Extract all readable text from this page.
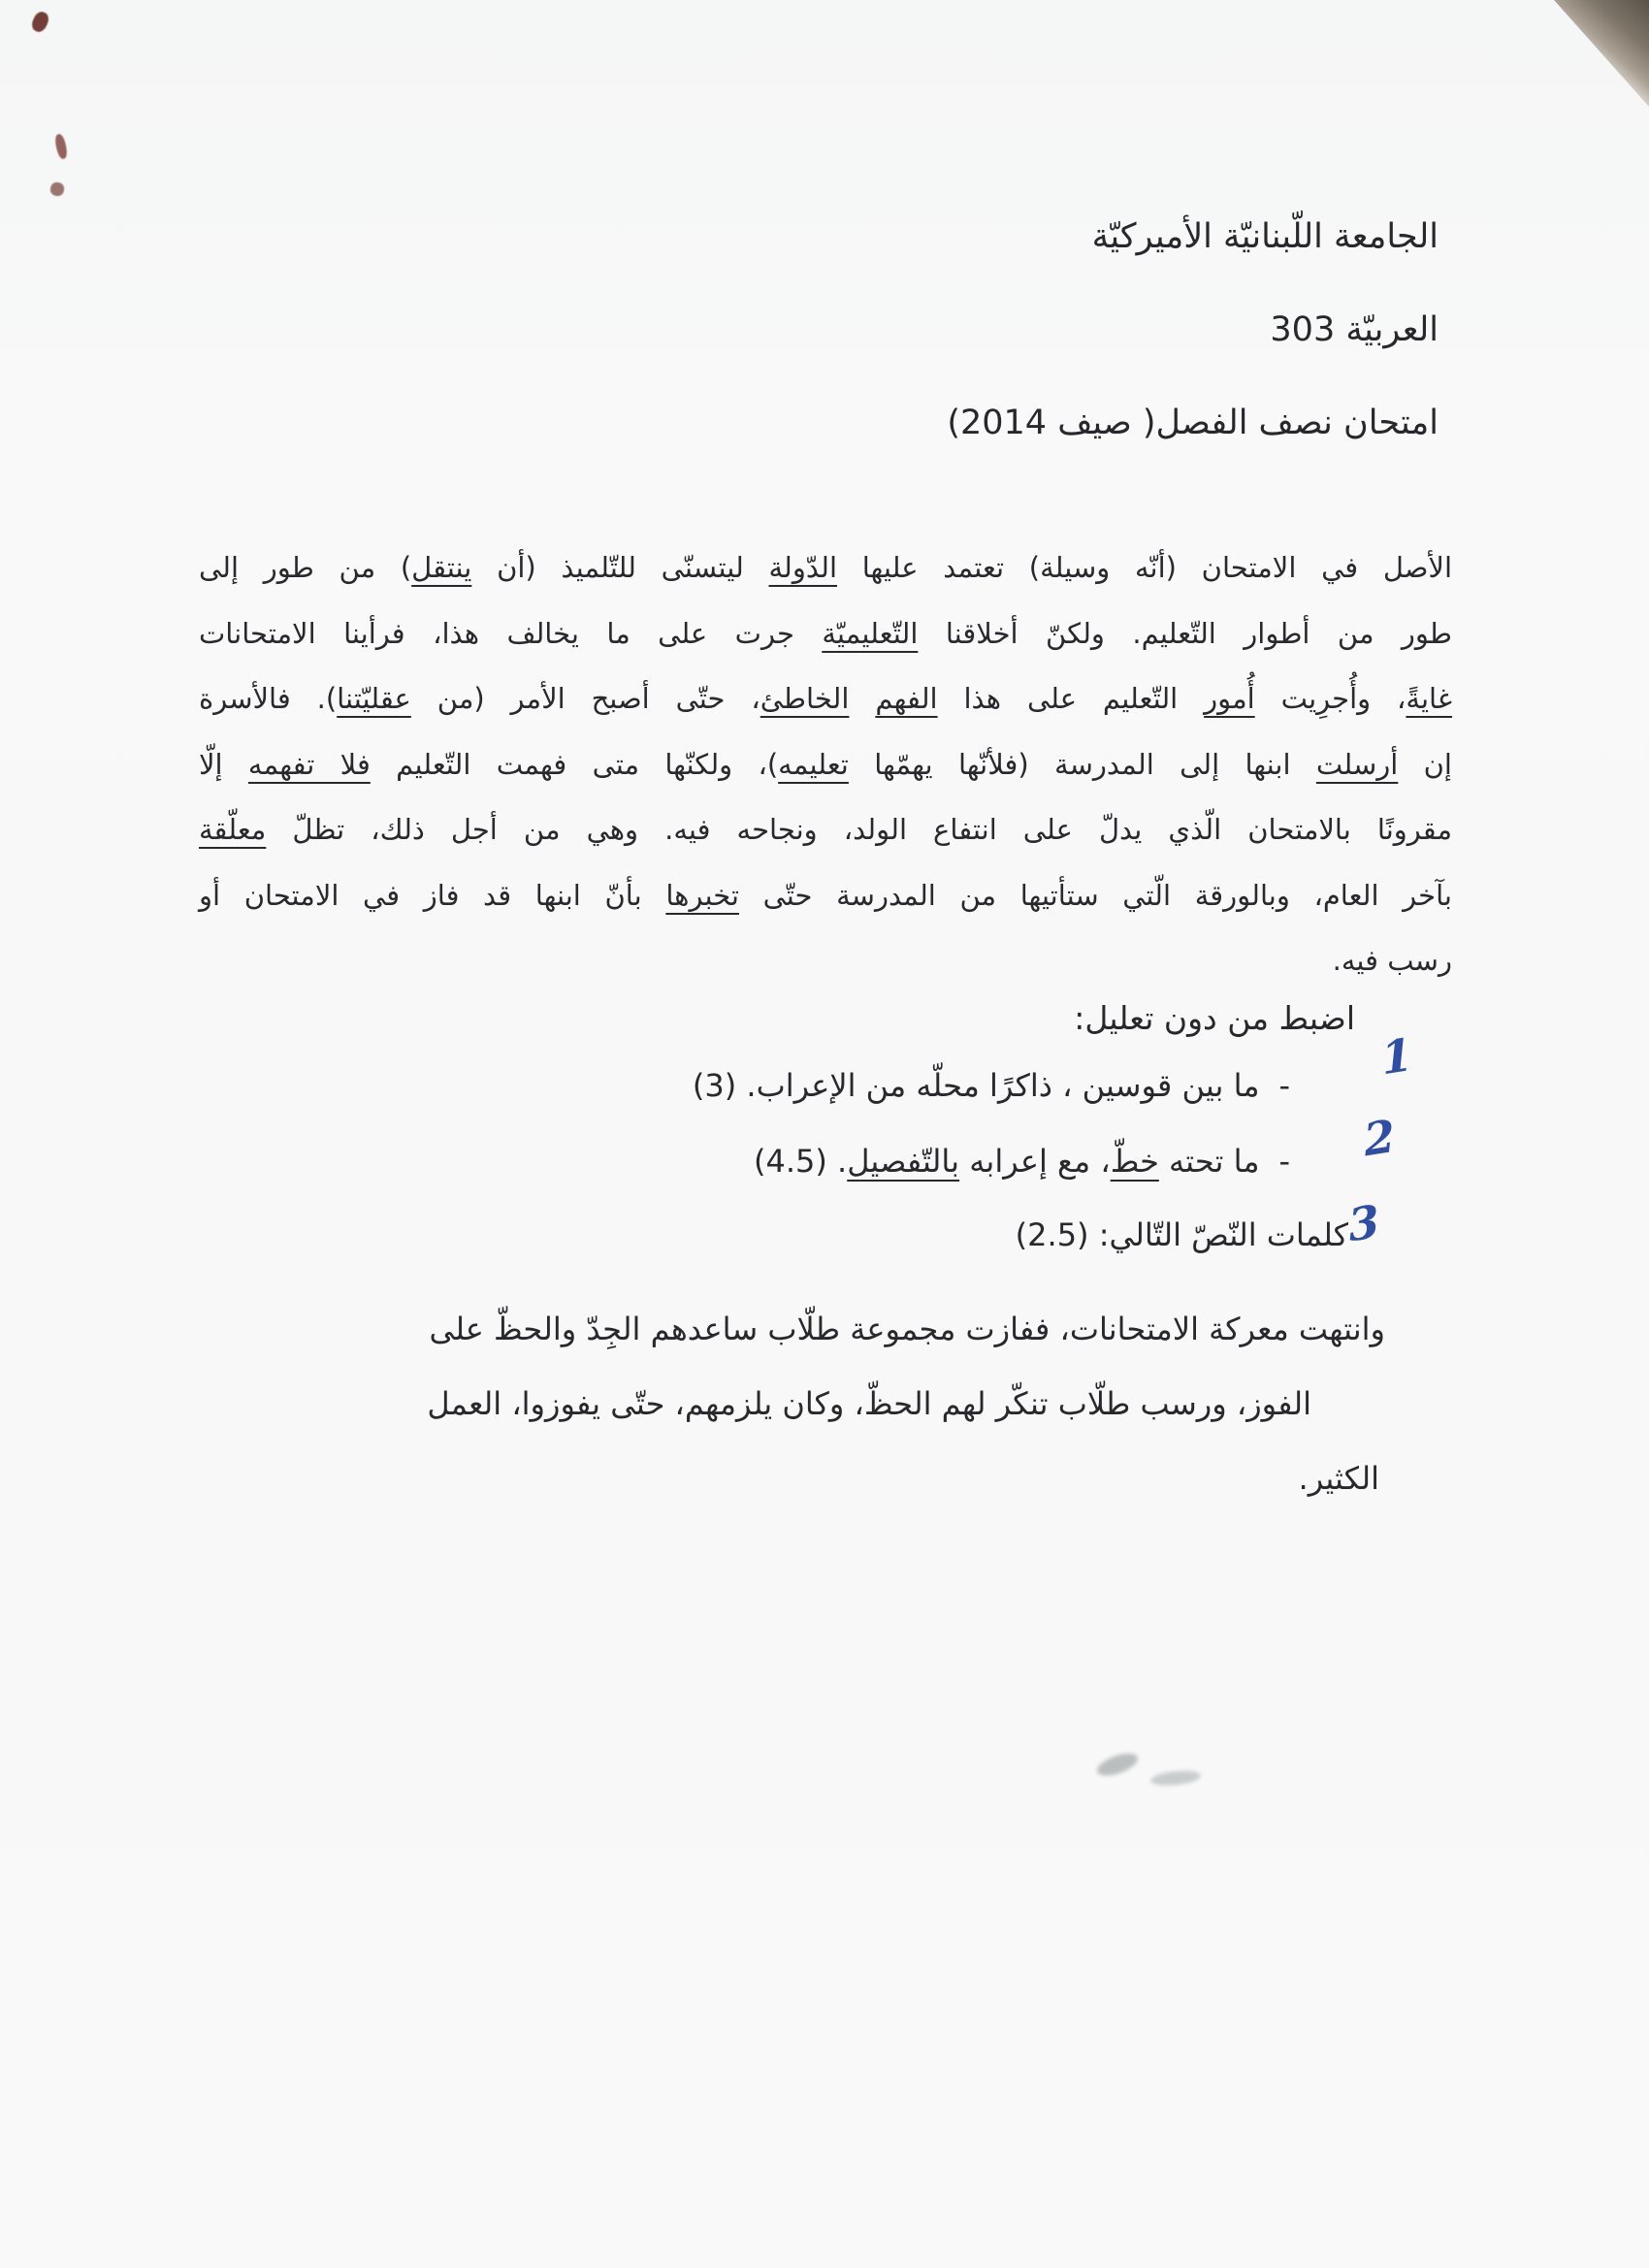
الجامعة اللّبنانيّة الأميركيّة
العربيّة 303
امتحان نصف الفصل( صيف 2014)
الأصل في الامتحان (أنّه وسيلة) تعتمد عليها الدّولة ليتسنّى للتّلميذ (أن ينتقل) من طور إلى
طور من أطوار التّعليم. ولكنّ أخلاقنا التّعليميّة جرت على ما يخالف هذا، فرأينا الامتحانات
غايةً، وأُجرِيت أُمور التّعليم على هذا الفهم الخاطئ، حتّى أصبح الأمر (من عقليّتنا). فالأسرة
إن أرسلت ابنها إلى المدرسة (فلأنّها يهمّها تعليمه)، ولكنّها متى فهمت التّعليم فلا تفهمه إلّا
مقرونًا بالامتحان الّذي يدلّ على انتفاع الولد، ونجاحه فيه. وهي من أجل ذلك، تظلّ معلّقة
بآخر العام، وبالورقة الّتي ستأتيها من المدرسة حتّى تخبرها بأنّ ابنها قد فاز في الامتحان أو
رسب فيه.
اضبط من دون تعليل:
1
-ما بين قوسين ، ذاكرًا محلّه من الإعراب. (3)
2
-ما تحته خطّ، مع إعرابه بالتّفصيل. (4.5)
3
كلمات النّصّ التّالي: (2.5)
وانتهت معركة الامتحانات، ففازت مجموعة طلّاب ساعدهم الجِدّ والحظّ على
الفوز، ورسب طلّاب تنكّر لهم الحظّ، وكان يلزمهم، حتّى يفوزوا، العمل
الكثير.
